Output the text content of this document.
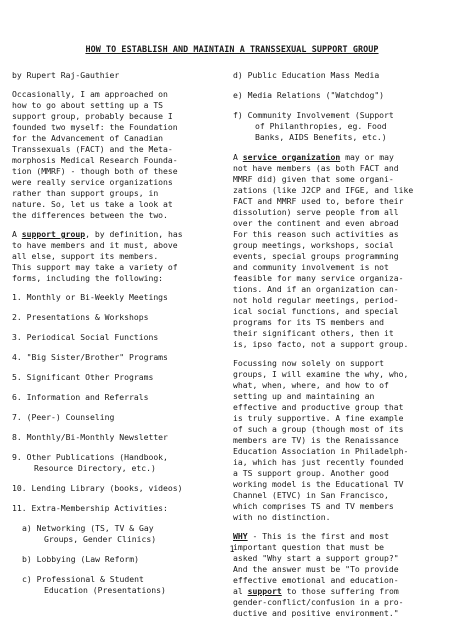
HOW TO ESTABLISH AND MAINTAIN A TRANSSEXUAL SUPPORT GROUP

by Rupert Raj-Gauthier

Occasionally, I am approached on

how to go about setting up a TS

support group, probably because I

founded two myself: the Foundation

for the Advancement of Canadian

Transsexuals (FACT) and the Meta-

morphosis Medical Research Founda-

tion (MMRF) - though both of these

were really service organizations

rather than support groups, in

nature. So, let us take a look at

the differences between the two.

A support group, by definition, has

to have members and it must, above

all else, support its members.

This support may take a variety of

forms, including the following:

1. Monthly or Bi-Weekly Meetings

2. Presentations & Workshops

3. Periodical Social Functions

4. "Big Sister/Brother" Programs

5. Significant Other Programs

6. Information and Referrals

7. (Peer-) Counseling

8. Monthly/Bi-Monthly Newsletter

9. Other Publications (Handbook,

Resource Directory, etc.)

10. Lending Library (books, videos)

11. Extra-Membership Activities:

a) Networking (TS, TV & Gay

Groups, Gender Clinics)

b) Lobbying (Law Reform)

c) Professional & Student

Education (Presentations)

d) Public Education Mass Media

e) Media Relations ("Watchdog")

f) Community Involvement (Support

of Philanthropies, eg. Food

Banks, AIDS Benefits, etc.)

A service organization may or may

not have members (as both FACT and

MMRF did) given that some organi-

zations (like J2CP and IFGE, and like

FACT and MMRF used to, before their

dissolution) serve people from all

over the continent and even abroad

For this reason such activities as

group meetings, workshops, social

events, special groups programming

and community involvement is not

feasible for many service organiza-

tions. And if an organization can-

not hold regular meetings, period-

ical social functions, and special

programs for its TS members and

their significant others, then it

is, ipso facto, not a support group.

Focussing now solely on support

groups, I will examine the why, who,

what, when, where, and how to of

setting up and maintaining an

effective and productive group that

is truly supportive. A fine example

of such a group (though most of its

members are TV) is the Renaissance

Education Association in Philadelph-

ia, which has just recently founded

a TS support group. Another good

working model is the Educational TV

Channel (ETVC) in San Francisco,

which comprises TS and TV members

with no distinction.

WHY - This is the first and most

important question that must be

asked "Why start a support group?"

And the answer must be "To provide

effective emotional and education-

al support to those suffering from

gender-conflict/confusion in a pro-

ductive and positive environment."

1
